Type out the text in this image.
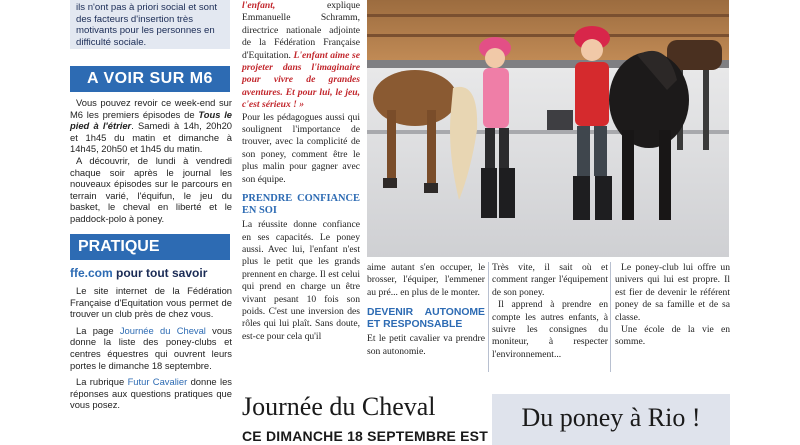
ils n'ont pas à priori social et sont des facteurs d'insertion très motivants pour les personnes en difficulté sociale.

A VOIR SUR M6

Vous pouvez revoir ce week-end sur M6 les premiers épisodes de Tous le pied à l'étrier. Samedi à 14h, 20h20 et 1h45 du matin et dimanche à 14h45, 20h50 et 1h45 du matin.

A découvrir, de lundi à vendredi chaque soir après le journal les nouveaux épisodes sur le parcours en terrain varié, l'équifun, le jeu du basket, le cheval en liberté et le paddock-polo à poney.

PRATIQUE
ffe.com pour tout savoir

Le site internet de la Fédération Française d'Equitation vous permet de trouver un club près de chez vous.

La page Journée du Cheval vous donne la liste des poney-clubs et centres équestres qui ouvrent leurs portes le dimanche 18 septembre.

La rubrique Futur Cavalier donne les réponses aux questions pratiques que vous posez.

l'enfant, explique Emmanuelle Schramm, directrice nationale adjointe de la Fédération Française d'Equitation. L'enfant aime se projeter dans l'imaginaire pour vivre de grandes aventures. Et pour lui, le jeu, c'est sérieux ! »

Pour les pédagogues aussi qui soulignent l'importance de trouver, avec la complicité de son poney, comment être le plus malin pour gagner avec son équipe.

PRENDRE CONFIANCE EN SOI

La réussite donne confiance en ses capacités. Le poney aussi. Avec lui, l'enfant n'est plus le petit que les grands prennent en charge. Il est celui qui prend en charge un être vivant pesant 10 fois son poids. C'est une inversion des rôles qui lui plaît. Sans doute, est-ce pour cela qu'il

aime autant s'en occuper, le brosser, l'équiper, l'emmener au pré... en plus de le monter.

DEVENIR AUTONOME ET RESPONSABLE

Et le petit cavalier va prendre son autonomie.

Très vite, il sait où et comment ranger l'équipement de son poney.

Il apprend à prendre en compte les autres enfants, à suivre les consignes du moniteur, à respecter l'environnement...

Le poney-club lui offre un univers qui lui est propre. Il est fier de devenir le référent poney de sa famille et de sa classe.

Une école de la vie en somme.

Journée du Cheval
CE DIMANCHE 18 SEPTEMBRE EST
Du poney à Rio !
